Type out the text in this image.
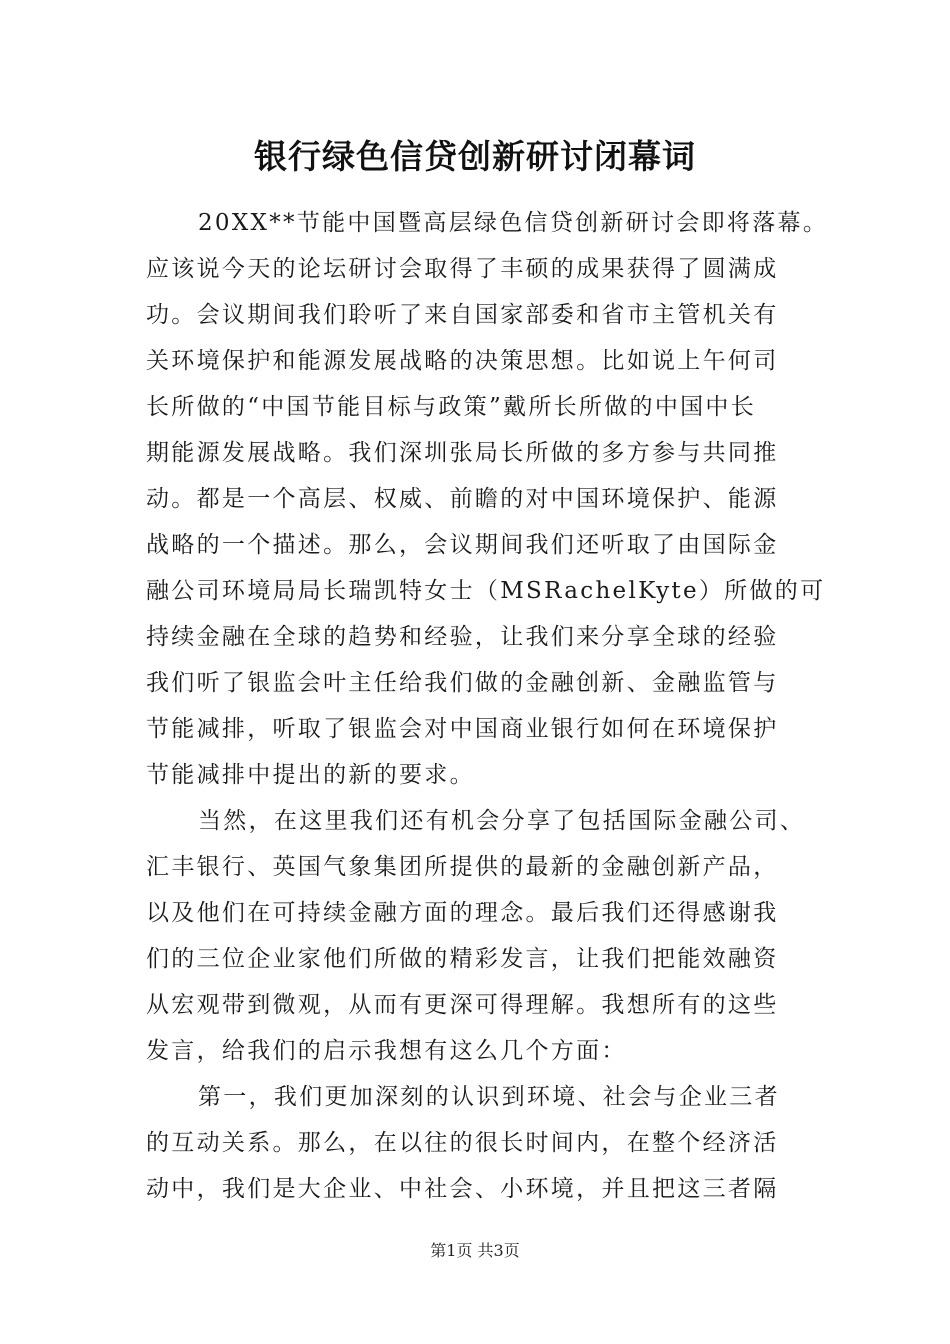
银行绿色信贷创新研讨闭幕词
20XX**节能中国暨高层绿色信贷创新研讨会即将落幕。
应该说今天的论坛研讨会取得了丰硕的成果获得了圆满成
功。会议期间我们聆听了来自国家部委和省市主管机关有
关环境保护和能源发展战略的决策思想。比如说上午何司
长所做的“中国节能目标与政策”戴所长所做的中国中长
期能源发展战略。我们深圳张局长所做的多方参与共同推
动。都是一个高层、权威、前瞻的对中国环境保护、能源
战略的一个描述。那么，会议期间我们还听取了由国际金
融公司环境局局长瑞凯特女士（MSRachelKyte）所做的可
持续金融在全球的趋势和经验，让我们来分享全球的经验
我们听了银监会叶主任给我们做的金融创新、金融监管与
节能减排，听取了银监会对中国商业银行如何在环境保护
节能减排中提出的新的要求。
当然，在这里我们还有机会分享了包括国际金融公司、
汇丰银行、英国气象集团所提供的最新的金融创新产品，
以及他们在可持续金融方面的理念。最后我们还得感谢我
们的三位企业家他们所做的精彩发言，让我们把能效融资
从宏观带到微观，从而有更深可得理解。我想所有的这些
发言，给我们的启示我想有这么几个方面：
第一，我们更加深刻的认识到环境、社会与企业三者
的互动关系。那么，在以往的很长时间内，在整个经济活
动中，我们是大企业、中社会、小环境，并且把这三者隔
第1页 共3页
